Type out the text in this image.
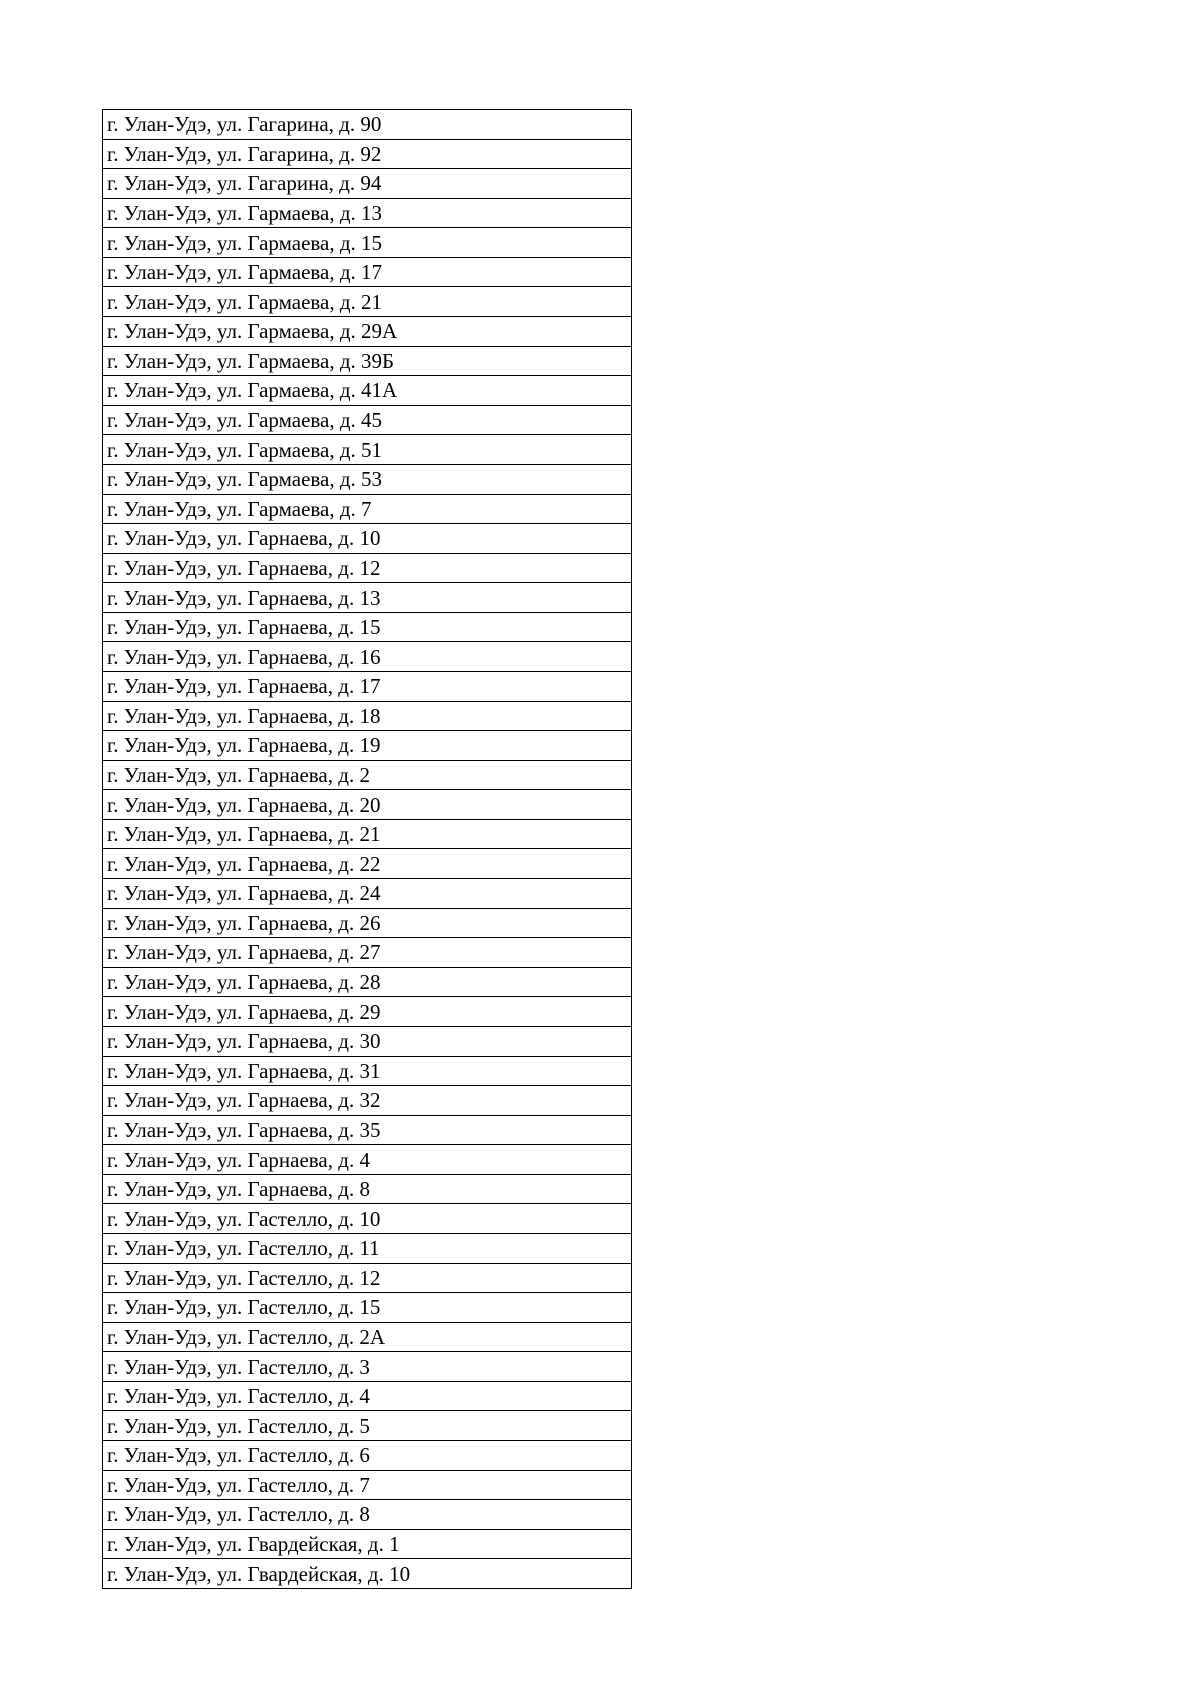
г. Улан-Удэ, ул. Гагарина, д. 90
г. Улан-Удэ, ул. Гагарина, д. 92
г. Улан-Удэ, ул. Гагарина, д. 94
г. Улан-Удэ, ул. Гармаева, д. 13
г. Улан-Удэ, ул. Гармаева, д. 15
г. Улан-Удэ, ул. Гармаева, д. 17
г. Улан-Удэ, ул. Гармаева, д. 21
г. Улан-Удэ, ул. Гармаева, д. 29А
г. Улан-Удэ, ул. Гармаева, д. 39Б
г. Улан-Удэ, ул. Гармаева, д. 41А
г. Улан-Удэ, ул. Гармаева, д. 45
г. Улан-Удэ, ул. Гармаева, д. 51
г. Улан-Удэ, ул. Гармаева, д. 53
г. Улан-Удэ, ул. Гармаева, д. 7
г. Улан-Удэ, ул. Гарнаева, д. 10
г. Улан-Удэ, ул. Гарнаева, д. 12
г. Улан-Удэ, ул. Гарнаева, д. 13
г. Улан-Удэ, ул. Гарнаева, д. 15
г. Улан-Удэ, ул. Гарнаева, д. 16
г. Улан-Удэ, ул. Гарнаева, д. 17
г. Улан-Удэ, ул. Гарнаева, д. 18
г. Улан-Удэ, ул. Гарнаева, д. 19
г. Улан-Удэ, ул. Гарнаева, д. 2
г. Улан-Удэ, ул. Гарнаева, д. 20
г. Улан-Удэ, ул. Гарнаева, д. 21
г. Улан-Удэ, ул. Гарнаева, д. 22
г. Улан-Удэ, ул. Гарнаева, д. 24
г. Улан-Удэ, ул. Гарнаева, д. 26
г. Улан-Удэ, ул. Гарнаева, д. 27
г. Улан-Удэ, ул. Гарнаева, д. 28
г. Улан-Удэ, ул. Гарнаева, д. 29
г. Улан-Удэ, ул. Гарнаева, д. 30
г. Улан-Удэ, ул. Гарнаева, д. 31
г. Улан-Удэ, ул. Гарнаева, д. 32
г. Улан-Удэ, ул. Гарнаева, д. 35
г. Улан-Удэ, ул. Гарнаева, д. 4
г. Улан-Удэ, ул. Гарнаева, д. 8
г. Улан-Удэ, ул. Гастелло, д. 10
г. Улан-Удэ, ул. Гастелло, д. 11
г. Улан-Удэ, ул. Гастелло, д. 12
г. Улан-Удэ, ул. Гастелло, д. 15
г. Улан-Удэ, ул. Гастелло, д. 2А
г. Улан-Удэ, ул. Гастелло, д. 3
г. Улан-Удэ, ул. Гастелло, д. 4
г. Улан-Удэ, ул. Гастелло, д. 5
г. Улан-Удэ, ул. Гастелло, д. 6
г. Улан-Удэ, ул. Гастелло, д. 7
г. Улан-Удэ, ул. Гастелло, д. 8
г. Улан-Удэ, ул. Гвардейская, д. 1
г. Улан-Удэ, ул. Гвардейская, д. 10
